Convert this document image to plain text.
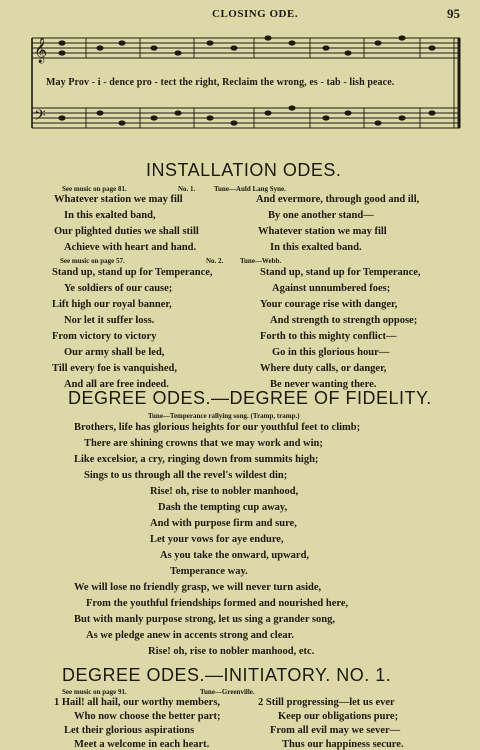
CLOSING ODE.	95
𝄞
𝄢
May Prov - i - dence pro - tect the right, Reclaim the wrong, es - tab - lish peace.
INSTALLATION ODES.
See music on page 81.	No. 1.	Tune—Auld Lang Syne.
Whatever station we may fill
In this exalted band,
Our plighted duties we shall still
Achieve with heart and hand.
And evermore, through good and ill,
By one another stand—
Whatever station we may fill
In this exalted band.
See music on page 57.	No. 2. Tune—Webb.
Stand up, stand up for Temperance,
Ye soldiers of our cause;
Lift high our royal banner,
Nor let it suffer loss.
From victory to victory
Our army shall be led,
Till every foe is vanquished,
And all are free indeed.
Stand up, stand up for Temperance,
Against unnumbered foes;
Your courage rise with danger,
And strength to strength oppose;
Forth to this mighty conflict—
Go in this glorious hour—
Where duty calls, or danger,
Be never wanting there.
DEGREE ODES.—DEGREE OF FIDELITY.
Tune—Temperance rallying song. (Tramp, tramp.)
Brothers, life has glorious heights for our youthful feet to climb;
There are shining crowns that we may work and win;
Like excelsior, a cry, ringing down from summits high;
Sings to us through all the revel's wildest din;
Rise! oh, rise to nobler manhood,
Dash the tempting cup away,
And with purpose firm and sure,
Let your vows for aye endure,
As you take the onward, upward,
Temperance way.
We will lose no friendly grasp, we will never turn aside,
From the youthful friendships formed and nourished here,
But with manly purpose strong, let us sing a grander song,
As we pledge anew in accents strong and clear.
Rise! oh, rise to nobler manhood, etc.
DEGREE ODES.—INITIATORY. NO. 1.
See music on page 91.	Tune—Greenville.
1 Hail! all hail, our worthy members,
Who now choose the better part;
Let their glorious aspirations
Meet a welcome in each heart.
2 Still progressing—let us ever
Keep our obligations pure;
From all evil may we sever—
Thus our happiness secure.
